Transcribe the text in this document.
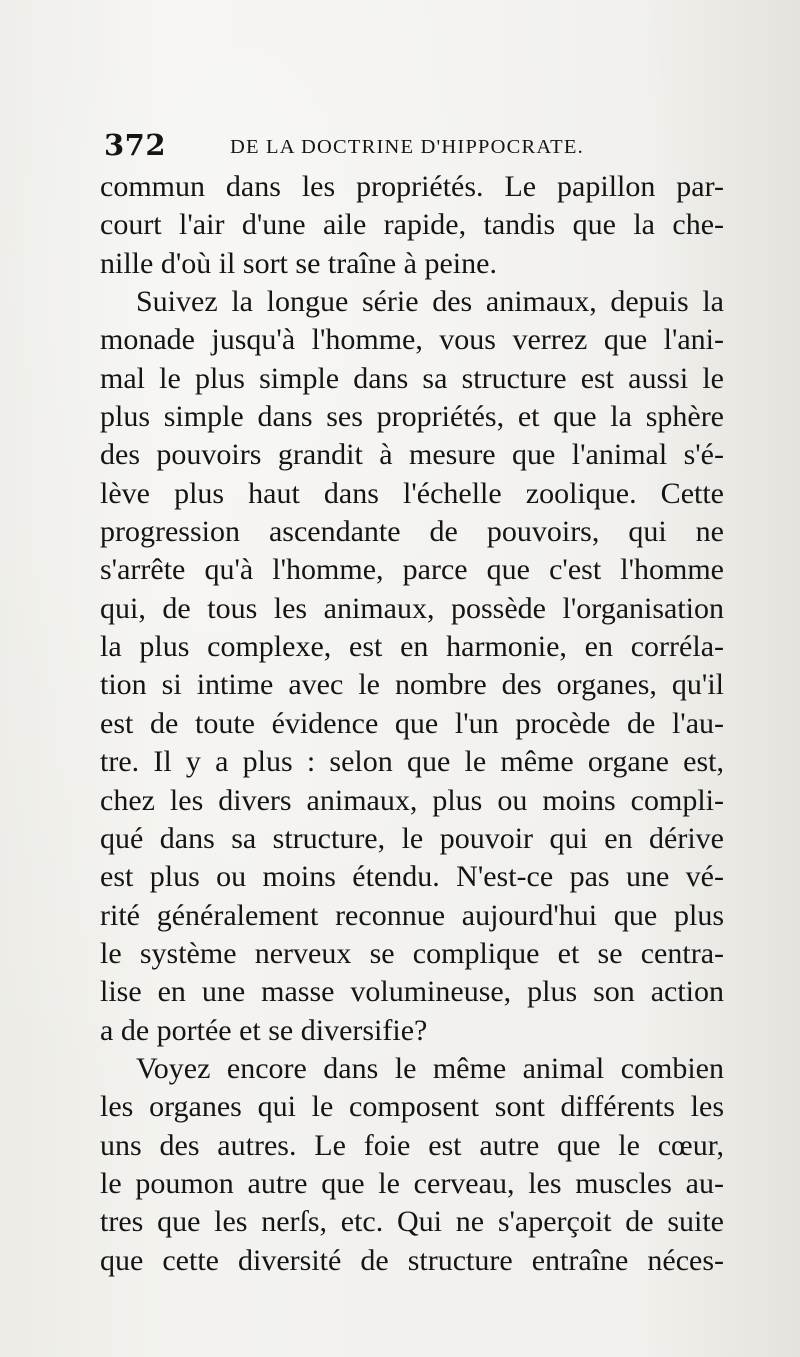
372	DE LA DOCTRINE D'HIPPOCRATE.
commun dans les propriétés. Le papillon par-
court l'air d'une aile rapide, tandis que la che-
nille d'où il sort se traîne à peine.
Suivez la longue série des animaux, depuis la
monade jusqu'à l'homme, vous verrez que l'ani-
mal le plus simple dans sa structure est aussi le
plus simple dans ses propriétés, et que la sphère
des pouvoirs grandit à mesure que l'animal s'é-
lève plus haut dans l'échelle zoolique. Cette
progression ascendante de pouvoirs, qui ne
s'arrête qu'à l'homme, parce que c'est l'homme
qui, de tous les animaux, possède l'organisation
la plus complexe, est en harmonie, en corréla-
tion si intime avec le nombre des organes, qu'il
est de toute évidence que l'un procède de l'au-
tre. Il y a plus : selon que le même organe est,
chez les divers animaux, plus ou moins compli-
qué dans sa structure, le pouvoir qui en dérive
est plus ou moins étendu. N'est-ce pas une vé-
rité généralement reconnue aujourd'hui que plus
le système nerveux se complique et se centra-
lise en une masse volumineuse, plus son action
a de portée et se diversifie?
Voyez encore dans le même animal combien
les organes qui le composent sont différents les
uns des autres. Le foie est autre que le cœur,
le poumon autre que le cerveau, les muscles au-
tres que les nerſs, etc. Qui ne s'aperçoit de suite
que cette diversité de structure entraîne néces-
